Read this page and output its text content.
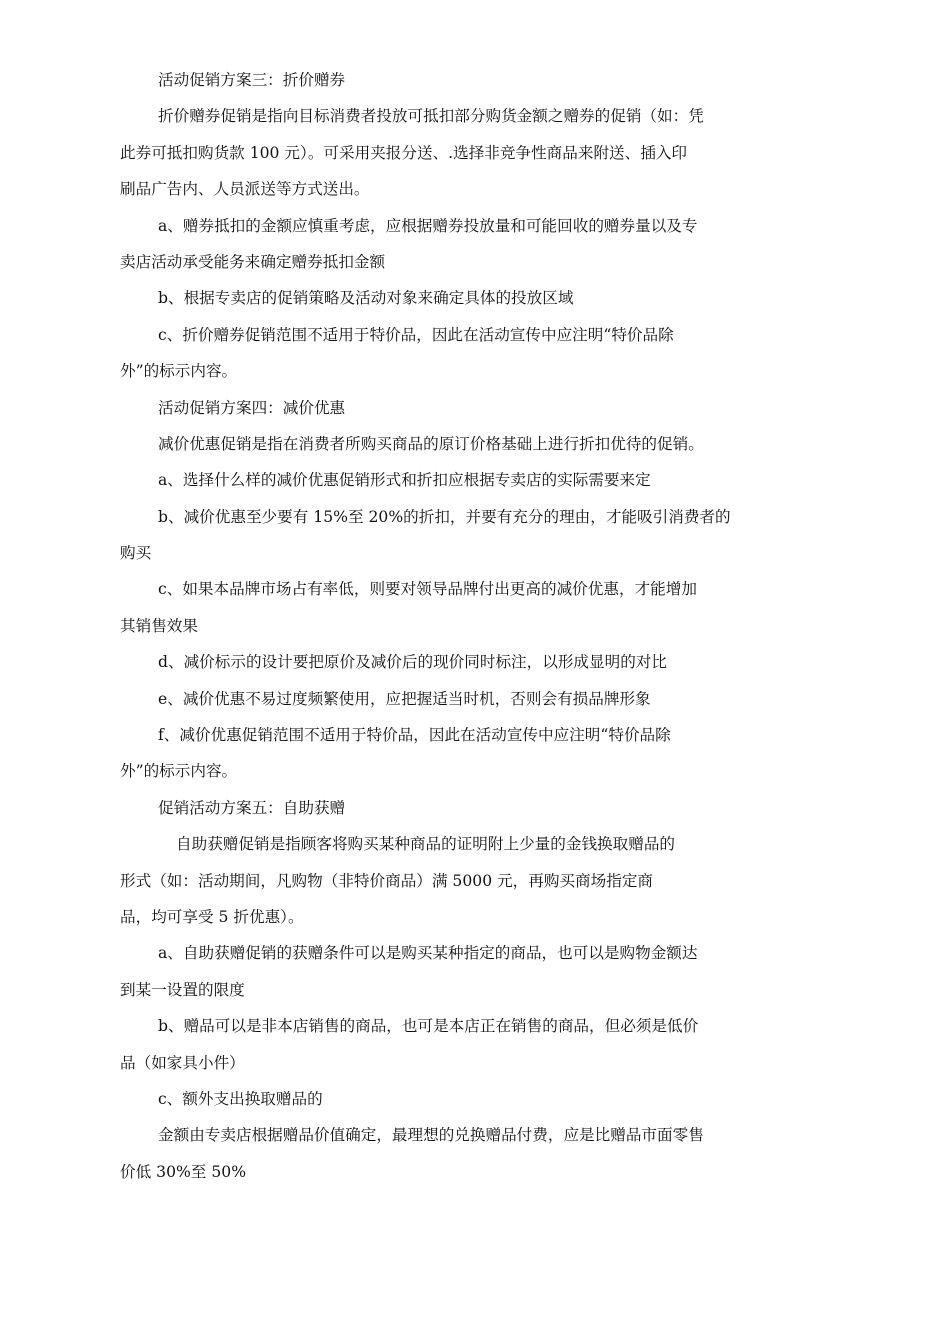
活动促销方案三：折价赠券
折价赠券促销是指向目标消费者投放可抵扣部分购货金额之赠券的促销（如：凭
此券可抵扣购货款 100 元）。可采用夹报分送、.选择非竞争性商品来附送、插入印
刷品广告内、人员派送等方式送出。
a、赠券抵扣的金额应慎重考虑，应根据赠券投放量和可能回收的赠券量以及专
卖店活动承受能务来确定赠券抵扣金额
b、根据专卖店的促销策略及活动对象来确定具体的投放区域
c、折价赠券促销范围不适用于特价品，因此在活动宣传中应注明“特价品除
外”的标示内容。
活动促销方案四：减价优惠
减价优惠促销是指在消费者所购买商品的原订价格基础上进行折扣优待的促销。
a、选择什么样的减价优惠促销形式和折扣应根据专卖店的实际需要来定
b、减价优惠至少要有 15%至 20%的折扣，并要有充分的理由，才能吸引消费者的
购买
c、如果本品牌市场占有率低，则要对领导品牌付出更高的减价优惠，才能增加
其销售效果
d、减价标示的设计要把原价及减价后的现价同时标注，以形成显明的对比
e、减价优惠不易过度频繁使用，应把握适当时机，否则会有损品牌形象
f、减价优惠促销范围不适用于特价品，因此在活动宣传中应注明“特价品除
外”的标示内容。
促销活动方案五：自助获赠
自助获赠促销是指顾客将购买某种商品的证明附上少量的金钱换取赠品的
形式（如：活动期间，凡购物（非特价商品）满 5000 元，再购买商场指定商
品，均可享受 5 折优惠）。
a、自助获赠促销的获赠条件可以是购买某种指定的商品，也可以是购物金额达
到某一设置的限度
b、赠品可以是非本店销售的商品，也可是本店正在销售的商品，但必须是低价
品（如家具小件）
c、额外支出换取赠品的
金额由专卖店根据赠品价值确定，最理想的兑换赠品付费，应是比赠品市面零售
价低 30%至 50%
